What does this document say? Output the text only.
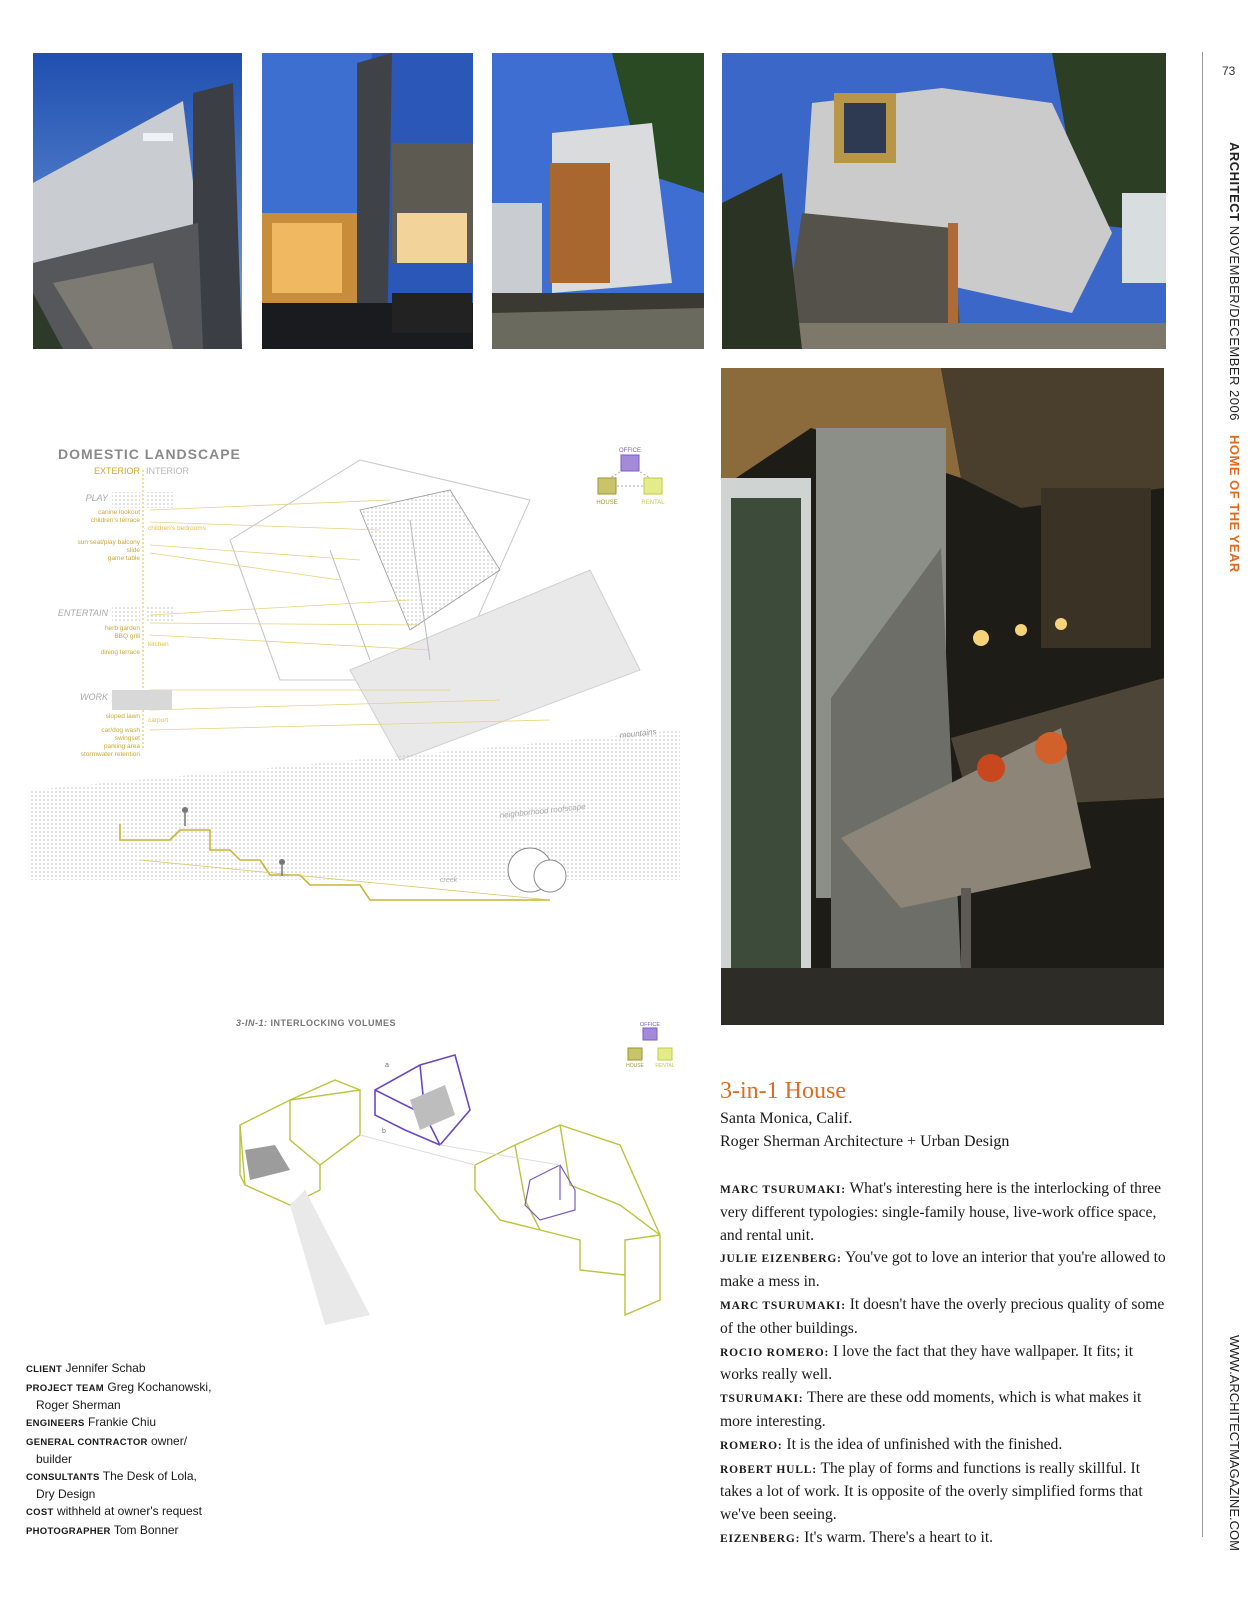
73
ARCHITECT NOVEMBER/DECEMBER 2006 HOME OF THE YEAR
WWW.ARCHITECTMAGAZINE.COM
DOMESTIC LANDSCAPE
EXTERIOR INTERIOR
PLAY
canine lookout
children's terrace
sun seat/play balcony
slide
game table
children's bedrooms
ENTERTAIN
herb garden
BBQ grill
dining terrace
kitchen
WORK
sloped lawn
car/dog wash
swingset
parking area
stormwater retention
carport
OFFICE
HOUSE	RENTAL
mountains
neighborhood roofscape
creek
3-IN-1: INTERLOCKING VOLUMES	OFFICE
HOUSE RENTAL
a
b
CLIENT Jennifer Schab
PROJECT TEAM Greg Kochanowski,
Roger Sherman
ENGINEERS Frankie Chiu
GENERAL CONTRACTOR owner/
builder
CONSULTANTS The Desk of Lola,
Dry Design
COST withheld at owner's request
PHOTOGRAPHER Tom Bonner
3-in-1 House
Santa Monica, Calif.
Roger Sherman Architecture + Urban Design
MARC TSURUMAKI: What's interesting here is the interlocking of three very different typologies: single-family house, live-work office space, and rental unit.
JULIE EIZENBERG: You've got to love an interior that you're allowed to make a mess in.
MARC TSURUMAKI: It doesn't have the overly precious quality of some of the other buildings.
ROCIO ROMERO: I love the fact that they have wallpaper. It fits; it works really well.
TSURUMAKI: There are these odd moments, which is what makes it more interesting.
ROMERO: It is the idea of unfinished with the finished.
ROBERT HULL: The play of forms and functions is really skillful. It takes a lot of work. It is opposite of the overly simplified forms that we've been seeing.
EIZENBERG: It's warm. There's a heart to it.
